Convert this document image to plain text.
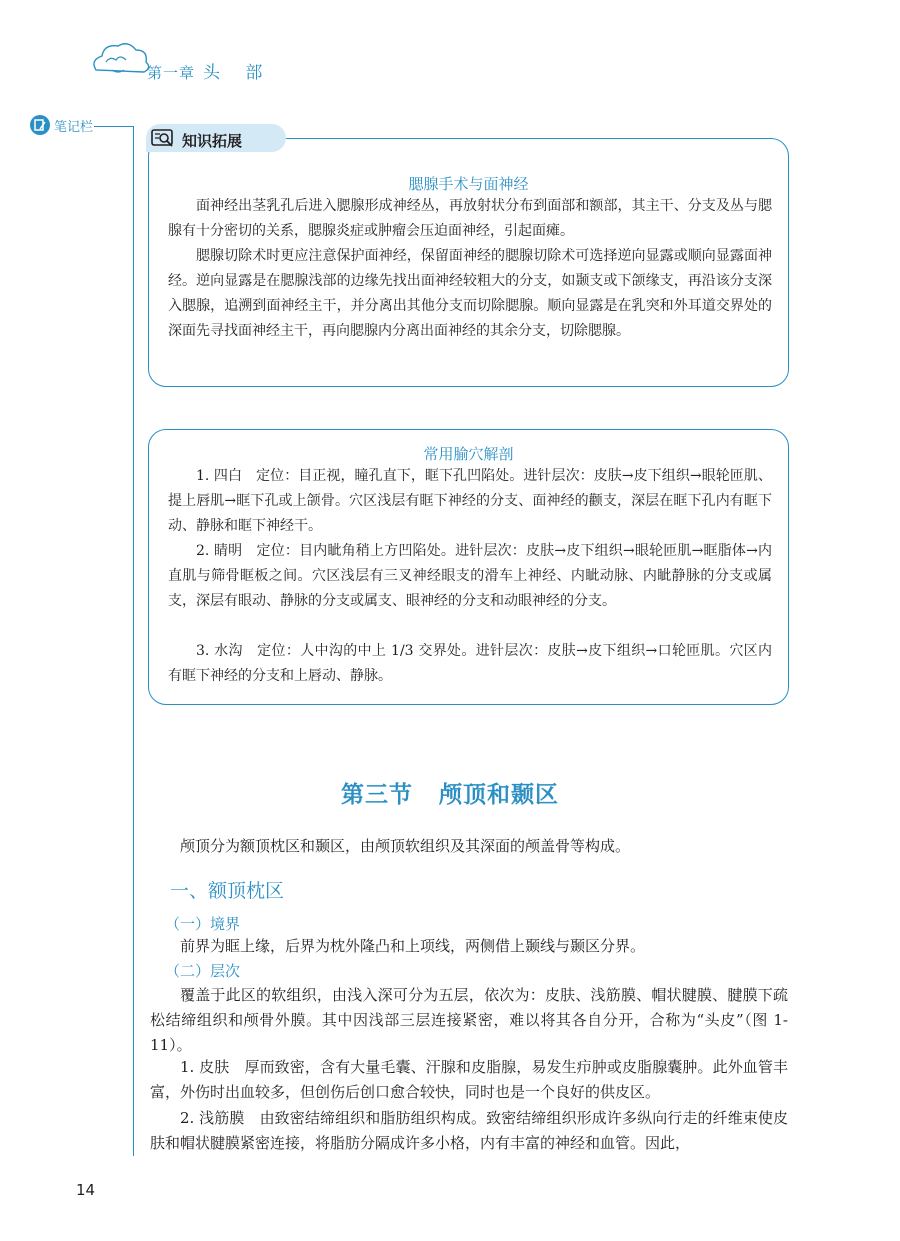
第一章 头 部
笔记栏
知识拓展
腮腺手术与面神经

面神经出茎乳孔后进入腮腺形成神经丛，再放射状分布到面部和额部，其主干、分支及丛与腮腺有十分密切的关系，腮腺炎症或肿瘤会压迫面神经，引起面瘫。

腮腺切除术时更应注意保护面神经，保留面神经的腮腺切除术可选择逆向显露或顺向显露面神经。逆向显露是在腮腺浅部的边缘先找出面神经较粗大的分支，如颞支或下颌缘支，再沿该分支深入腮腺，追溯到面神经主干，并分离出其他分支而切除腮腺。顺向显露是在乳突和外耳道交界处的深面先寻找面神经主干，再向腮腺内分离出面神经的其余分支，切除腮腺。

常用腧穴解剖

1. 四白　定位：目正视，瞳孔直下，眶下孔凹陷处。进针层次：皮肤→皮下组织→眼轮匝肌、提上唇肌→眶下孔或上颌骨。穴区浅层有眶下神经的分支、面神经的颧支，深层在眶下孔内有眶下动、静脉和眶下神经干。

2. 睛明　定位：目内眦角稍上方凹陷处。进针层次：皮肤→皮下组织→眼轮匝肌→眶脂体→内直肌与筛骨眶板之间。穴区浅层有三叉神经眼支的滑车上神经、内眦动脉、内眦静脉的分支或属支，深层有眼动、静脉的分支或属支、眼神经的分支和动眼神经的分支。

3. 水沟　定位：人中沟的中上 1/3 交界处。进针层次：皮肤→皮下组织→口轮匝肌。穴区内有眶下神经的分支和上唇动、静脉。

第三节 颅顶和颞区

颅顶分为额顶枕区和颞区，由颅顶软组织及其深面的颅盖骨等构成。

一、额顶枕区
（一）境界

前界为眶上缘，后界为枕外隆凸和上项线，两侧借上颞线与颞区分界。

（二）层次

覆盖于此区的软组织，由浅入深可分为五层，依次为：皮肤、浅筋膜、帽状腱膜、腱膜下疏松结缔组织和颅骨外膜。其中因浅部三层连接紧密，难以将其各自分开，合称为“头皮”（图 1-11）。

1. 皮肤　厚而致密，含有大量毛囊、汗腺和皮脂腺，易发生疖肿或皮脂腺囊肿。此外血管丰富，外伤时出血较多，但创伤后创口愈合较快，同时也是一个良好的供皮区。

2. 浅筋膜　由致密结缔组织和脂肪组织构成。致密结缔组织形成许多纵向行走的纤维束使皮肤和帽状腱膜紧密连接，将脂肪分隔成许多小格，内有丰富的神经和血管。因此，

14
